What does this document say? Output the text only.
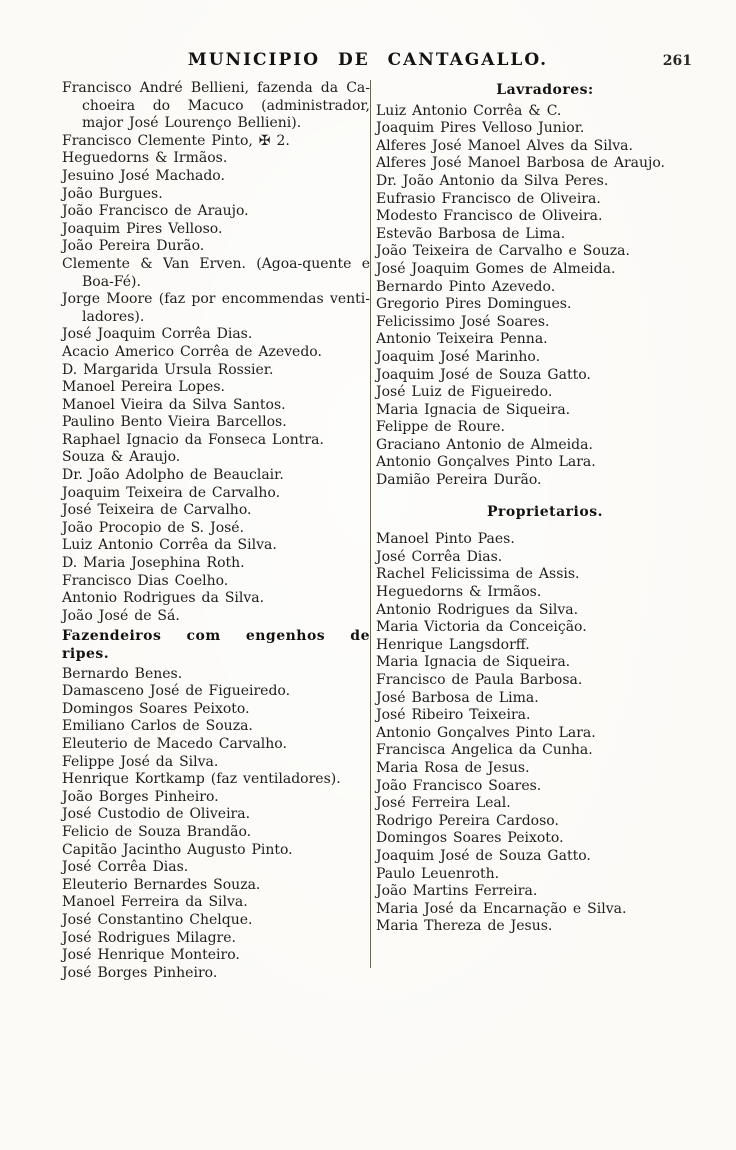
MUNICIPIO DE CANTAGALLO.	261
Francisco André Bellieni, fazenda da Ca-choeira do Macuco (administrador, major José Lourenço Bellieni).
Francisco Clemente Pinto, ✠ 2.
Heguedorns & Irmãos.
Jesuino José Machado.
João Burgues.
João Francisco de Araujo.
Joaquim Pires Velloso.
João Pereira Durão.
Clemente & Van Erven. (Agoa-quente e Boa-Fé).
Jorge Moore (faz por encommendas venti-ladores).
José Joaquim Corrêa Dias.
Acacio Americo Corrêa de Azevedo.
D. Margarida Ursula Rossier.
Manoel Pereira Lopes.
Manoel Vieira da Silva Santos.
Paulino Bento Vieira Barcellos.
Raphael Ignacio da Fonseca Lontra.
Souza & Araujo.
Dr. João Adolpho de Beauclair.
Joaquim Teixeira de Carvalho.
José Teixeira de Carvalho.
João Procopio de S. José.
Luiz Antonio Corrêa da Silva.
D. Maria Josephina Roth.
Francisco Dias Coelho.
Antonio Rodrigues da Silva.
João José de Sá.
Fazendeiros com engenhos de ripes.
Bernardo Benes.
Damasceno José de Figueiredo.
Domingos Soares Peixoto.
Emiliano Carlos de Souza.
Eleuterio de Macedo Carvalho.
Felippe José da Silva.
Henrique Kortkamp (faz ventiladores).
João Borges Pinheiro.
José Custodio de Oliveira.
Felicio de Souza Brandão.
Capitão Jacintho Augusto Pinto.
José Corrêa Dias.
Eleuterio Bernardes Souza.
Manoel Ferreira da Silva.
José Constantino Chelque.
José Rodrigues Milagre.
José Henrique Monteiro.
José Borges Pinheiro.
Lavradores:
Luiz Antonio Corrêa & C.
Joaquim Pires Velloso Junior.
Alferes José Manoel Alves da Silva.
Alferes José Manoel Barbosa de Araujo.
Dr. João Antonio da Silva Peres.
Eufrasio Francisco de Oliveira.
Modesto Francisco de Oliveira.
Estevão Barbosa de Lima.
João Teixeira de Carvalho e Souza.
José Joaquim Gomes de Almeida.
Bernardo Pinto Azevedo.
Gregorio Pires Domingues.
Felicissimo José Soares.
Antonio Teixeira Penna.
Joaquim José Marinho.
Joaquim José de Souza Gatto.
José Luiz de Figueiredo.
Maria Ignacia de Siqueira.
Felippe de Roure.
Graciano Antonio de Almeida.
Antonio Gonçalves Pinto Lara.
Damião Pereira Durão.
Proprietarios.
Manoel Pinto Paes.
José Corrêa Dias.
Rachel Felicissima de Assis.
Heguedorns & Irmãos.
Antonio Rodrigues da Silva.
Maria Victoria da Conceição.
Henrique Langsdorff.
Maria Ignacia de Siqueira.
Francisco de Paula Barbosa.
José Barbosa de Lima.
José Ribeiro Teixeira.
Antonio Gonçalves Pinto Lara.
Francisca Angelica da Cunha.
Maria Rosa de Jesus.
João Francisco Soares.
José Ferreira Leal.
Rodrigo Pereira Cardoso.
Domingos Soares Peixoto.
Joaquim José de Souza Gatto.
Paulo Leuenroth.
João Martins Ferreira.
Maria José da Encarnação e Silva.
Maria Thereza de Jesus.
